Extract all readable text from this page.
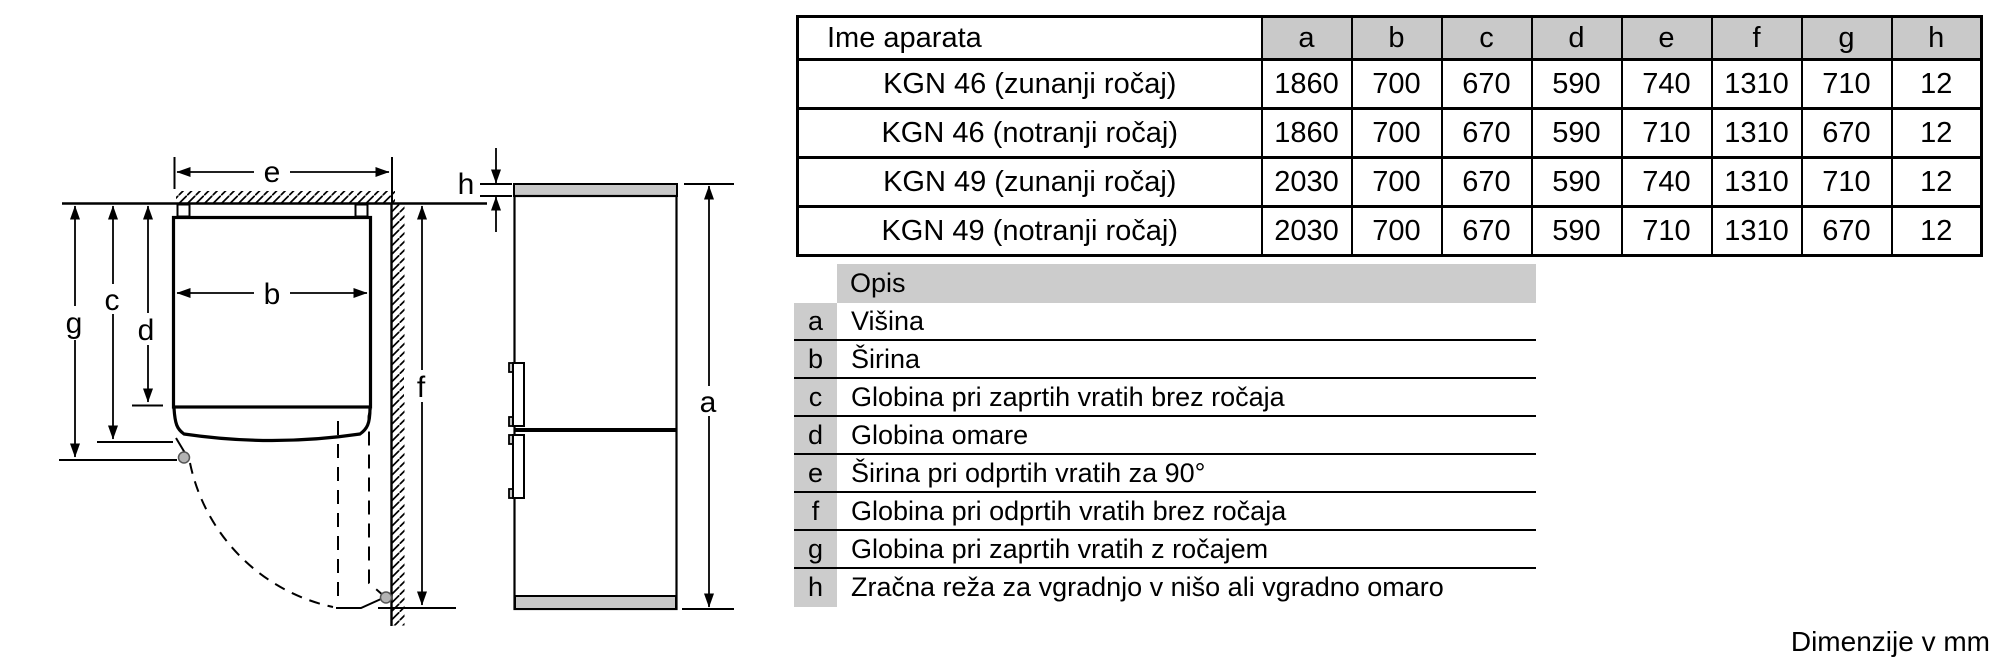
e
b
g
c
d
f
h
a
Ime aparata	a	b	c	d	e	f	g	h
KGN 46 (zunanji ročaj)	1860	700	670	590	740	1310	710	12
KGN 46 (notranji ročaj)	1860	700	670	590	710	1310	670	12
KGN 49 (zunanji ročaj)	2030	700	670	590	740	1310	710	12
KGN 49 (notranji ročaj)	2030	700	670	590	710	1310	670	12
Opis
a	Višina
b	Širina
c	Globina pri zaprtih vratih brez ročaja
d	Globina omare
e	Širina pri odprtih vratih za 90°
f	Globina pri odprtih vratih brez ročaja
g	Globina pri zaprtih vratih z ročajem
h	Zračna reža za vgradnjo v nišo ali vgradno omaro
Dimenzije v mm
